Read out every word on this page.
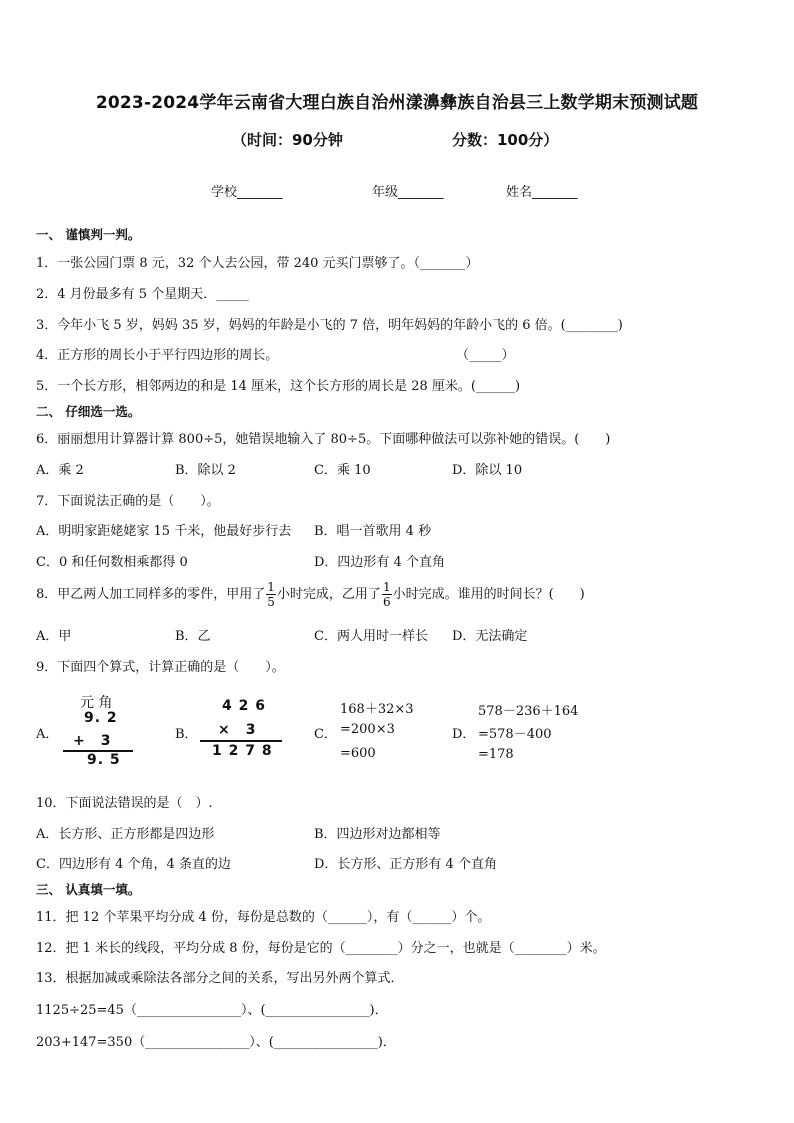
2023-2024学年云南省大理白族自治州漾濞彝族自治县三上数学期末预测试题
（时间：90分钟	分数：100分）
学校_______	年级_______	姓名_______
一、 谨慎判一判。
1．一张公园门票 8 元，32 个人去公园，带 240 元买门票够了。（_______）
2．4 月份最多有 5 个星期天．_____
3．今年小飞 5 岁，妈妈 35 岁，妈妈的年龄是小飞的 7 倍，明年妈妈的年龄小飞的 6 倍。(________)
4．正方形的周长小于平行四边形的周长。	（_____）
5．一个长方形，相邻两边的和是 14 厘米，这个长方形的周长是 28 厘米。(______)
二、 仔细选一选。
6．丽丽想用计算器计算 800÷5，她错误地输入了 80÷5。下面哪种做法可以弥补她的错误。(　　)
A．乘 2	B．除以 2	C．乘 10	D．除以 10
7．下面说法正确的是（　　）。
A．明明家距姥姥家 15 千米，他最好步行去 B．唱一首歌用 4 秒
C．0 和任何数相乘都得 0	D．四边形有 4 个直角
8．甲乙两人加工同样多的零件，甲用了 $\frac{1}{5}$ 小时完成，乙用了 $\frac{1}{6}$ 小时完成。谁用的时间长？(　　)
A．甲	B．乙	C．两人用时一样长 D．无法确定
9．下面四个算式，计算正确的是（　　）。
A．
元 角
9. 2
+　3
9. 5
B．
4 2 6
×　3
1 2 7 8
C．
168＋32×3
=200×3
=600
D．
578－236＋164
=578－400
=178
10．下面说法错误的是（　）.
A．长方形、正方形都是四边形	B．四边形对边都相等
C．四边形有 4 个角，4 条直的边	D．长方形、正方形有 4 个直角
三、 认真填一填。
11．把 12 个苹果平均分成 4 份，每份是总数的（______），有（______）个。
12．把 1 米长的线段，平均分成 8 份，每份是它的（________）分之一，也就是（________）米。
13．根据加减或乘除法各部分之间的关系，写出另外两个算式．
1125÷25=45（________________）、(________________)．
203+147=350（________________）、(________________)．
